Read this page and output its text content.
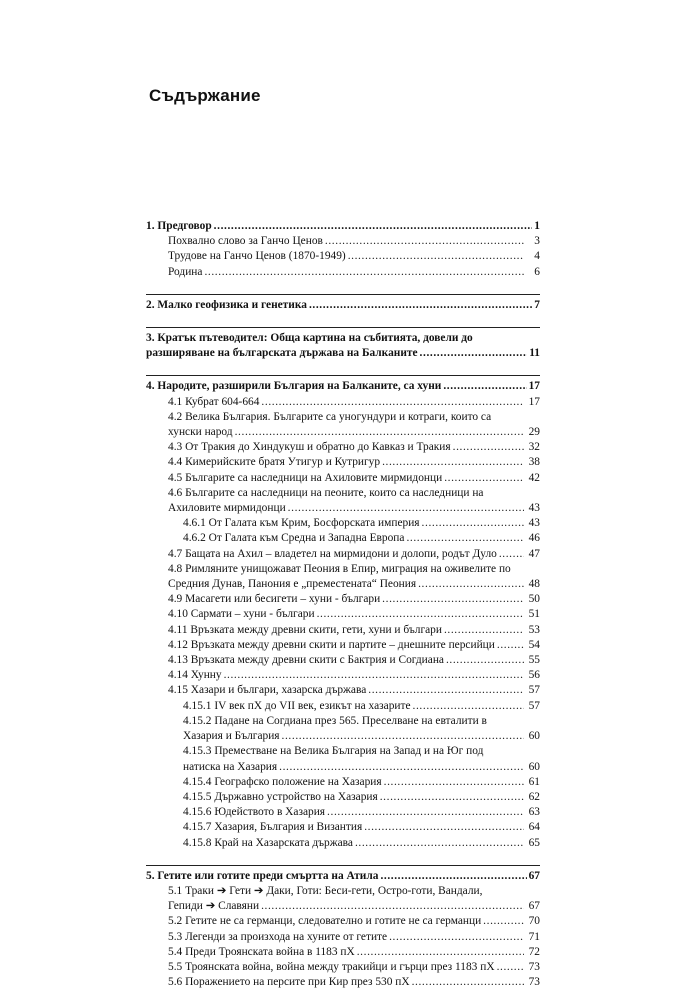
Съдържание
1. Предговор .....	1
Похвално слово за Ганчо Ценов .....	3
Трудове на Ганчо Ценов (1870-1949) .....	4
Родина .....	6
2. Малко геофизика и генетика .....	7
3. Кратък пътеводител: Обща картина на събитията, довели до
разширяване на българската държава на Балканите .....	11
4. Народите, разширили България на Балканите, са хуни .....	17
4.1 Кубрат 604-664 .....	17
4.2 Велика България. Българите са уногундури и котраги, които са
хунски народ .....	29
4.3 От Тракия до Хиндукуш и обратно до Кавказ и Тракия .....	32
4.4 Кимерийските братя Утигур и Кутригур .....	38
4.5 Българите са наследници на Ахиловите мирмидонци .....	42
4.6 Българите са наследници на пеоните, които са наследници на
Ахиловите мирмидонци .....	43
4.6.1 От Галата към Крим, Босфорската империя .....	43
4.6.2 От Галата към Средна и Западна Европа .....	46
4.7 Бащата на Ахил – владетел на мирмидони и долопи, родът Дуло .....	47
4.8 Римляните унищожават Пеония в Епир, миграция на оживелите по
Средния Дунав, Панония е „преместената“ Пеония .....	48
4.9 Масагети или бесигети – хуни - българи .....	50
4.10 Сармати – хуни - българи .....	51
4.11 Връзката между древни скити, гети, хуни и българи .....	53
4.12 Връзката между древни скити и партите – днешните персийци .....	54
4.13 Връзката между древни скити с Бактрия и Согдиана .....	55
4.14 Хунну .....	56
4.15 Хазари и българи, хазарска държава .....	57
4.15.1 IV век пХ до VII век, езикът на хазарите .....	57
4.15.2 Падане на Согдиана през 565. Преселване на евталити в
Хазария и България .....	60
4.15.3 Преместване на Велика България на Запад и на Юг под
натиска на Хазария .....	60
4.15.4 Географско положение на Хазария .....	61
4.15.5 Държавно устройство на Хазария .....	62
4.15.6 Юдейството в Хазария .....	63
4.15.7 Хазария, България и Византия .....	64
4.15.8 Край на Хазарската държава .....	65
5. Гетите или готите преди смъртта на Атила .....	67
5.1 Траки ➔ Гети ➔ Даки, Готи: Беси-гети, Остро-готи, Вандали,
Гепиди ➔ Славяни .....	67
5.2 Гетите не са германци, следователно и готите не са германци .....	70
5.3 Легенди за произхода на хуните от гетите .....	71
5.4 Преди Троянската война в 1183 пХ .....	72
5.5 Троянската война, война между тракийци и гърци през 1183 пХ .....	73
5.6 Поражението на персите при Кир през 530 пХ .....	73
